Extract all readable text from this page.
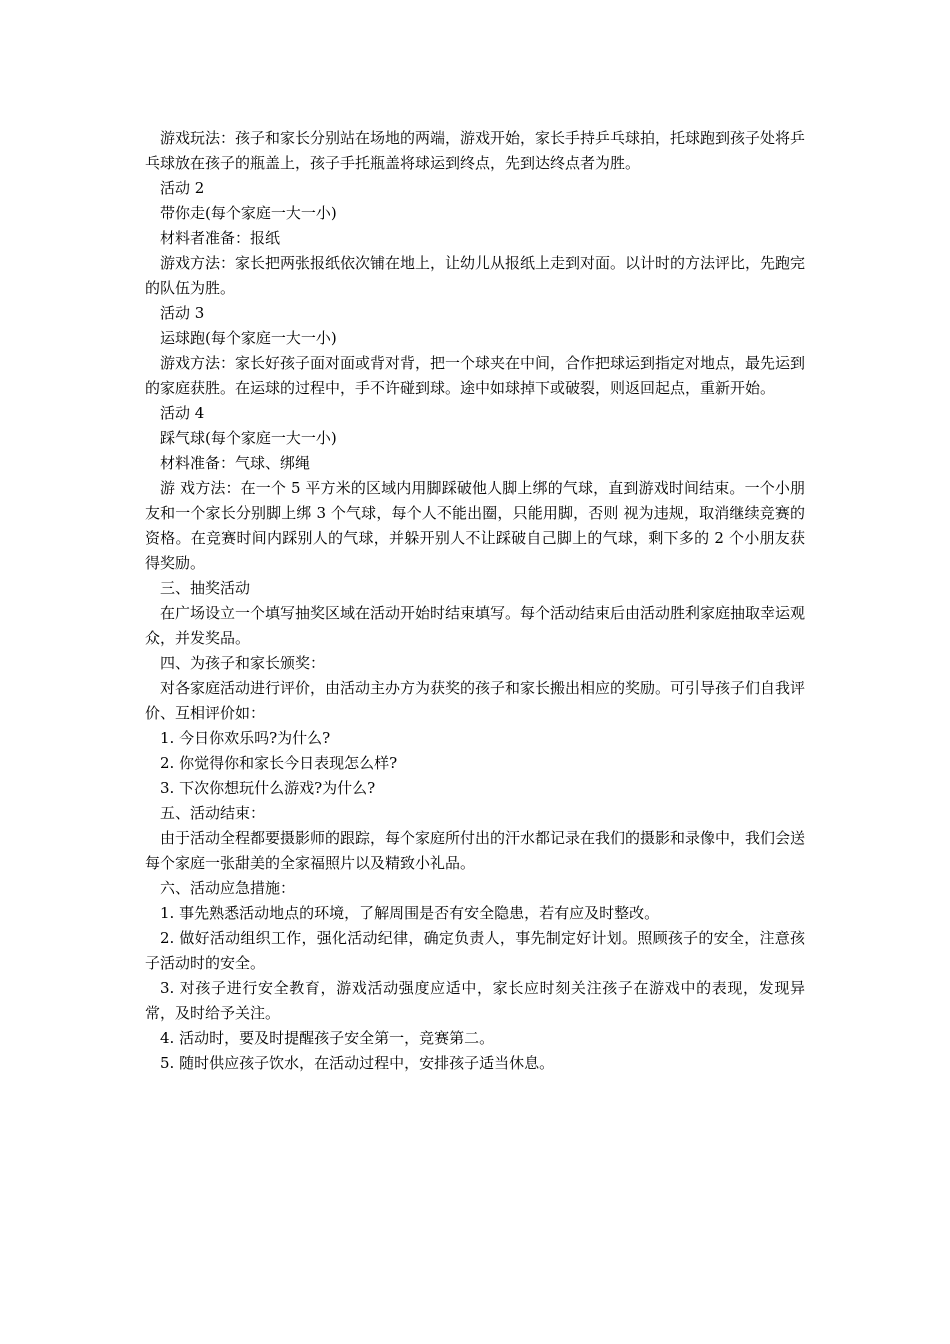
游戏玩法：孩子和家长分别站在场地的两端，游戏开始，家长手持乒乓球拍，托球跑到孩子处将乒乓球放在孩子的瓶盖上，孩子手托瓶盖将球运到终点，先到达终点者为胜。

活动 2

带你走(每个家庭一大一小)

材料者准备：报纸

游戏方法：家长把两张报纸依次铺在地上，让幼儿从报纸上走到对面。以计时的方法评比，先跑完的队伍为胜。

活动 3

运球跑(每个家庭一大一小)

游戏方法：家长好孩子面对面或背对背，把一个球夹在中间，合作把球运到指定对地点，最先运到的家庭获胜。在运球的过程中，手不许碰到球。途中如球掉下或破裂，则返回起点，重新开始。

活动 4

踩气球(每个家庭一大一小)

材料准备：气球、绑绳

游 戏方法：在一个 5 平方米的区域内用脚踩破他人脚上绑的气球，直到游戏时间结束。一个小朋友和一个家长分别脚上绑 3 个气球，每个人不能出圈，只能用脚，否则 视为违规，取消继续竞赛的资格。在竞赛时间内踩别人的气球，并躲开别人不让踩破自己脚上的气球，剩下多的 2 个小朋友获得奖励。

三、抽奖活动

在广场设立一个填写抽奖区域在活动开始时结束填写。每个活动结束后由活动胜利家庭抽取幸运观众，并发奖品。

四、为孩子和家长颁奖：

对各家庭活动进行评价，由活动主办方为获奖的孩子和家长搬出相应的奖励。可引导孩子们自我评价、互相评价如：

1. 今日你欢乐吗?为什么?

2. 你觉得你和家长今日表现怎么样?

3. 下次你想玩什么游戏?为什么?

五、活动结束：

由于活动全程都要摄影师的跟踪，每个家庭所付出的汗水都记录在我们的摄影和录像中，我们会送每个家庭一张甜美的全家福照片以及精致小礼品。

六、活动应急措施：

1. 事先熟悉活动地点的环境，了解周围是否有安全隐患，若有应及时整改。

2. 做好活动组织工作，强化活动纪律，确定负责人，事先制定好计划。照顾孩子的安全，注意孩子活动时的安全。

3. 对孩子进行安全教育，游戏活动强度应适中，家长应时刻关注孩子在游戏中的表现，发现异常，及时给予关注。

4. 活动时，要及时提醒孩子安全第一，竞赛第二。

5. 随时供应孩子饮水，在活动过程中，安排孩子适当休息。
